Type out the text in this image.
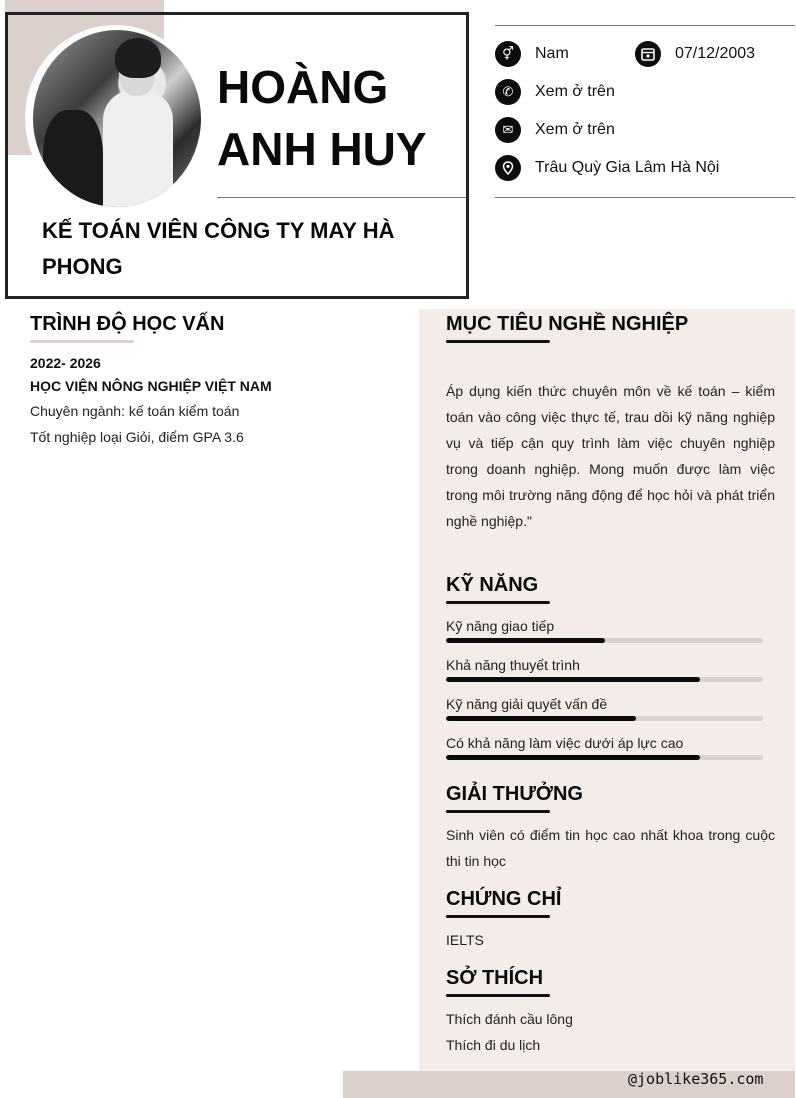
HOÀNG
ANH HUY
KẾ TOÁN VIÊN CÔNG TY MAY HÀ PHONG
⚥	Nam	07/12/2003
✆	Xem ở trên
✉	Xem ở trên
Trâu Quỳ Gia Lâm Hà Nội
TRÌNH ĐỘ HỌC VẤN
2022- 2026
HỌC VIỆN NÔNG NGHIỆP VIỆT NAM
Chuyên ngành: kế toán kiểm toán
Tốt nghiệp loại Giỏi, điểm GPA 3.6
MỤC TIÊU NGHỀ NGHIỆP
Áp dụng kiến thức chuyên môn về kế toán – kiểm toán vào công việc thực tế, trau dồi kỹ năng nghiệp vụ và tiếp cận quy trình làm việc chuyên nghiệp trong doanh nghiệp. Mong muốn được làm việc trong môi trường năng động để học hỏi và phát triển nghề nghiệp."
KỸ NĂNG
Kỹ năng giao tiếp
Khả năng thuyết trình
Kỹ năng giải quyết vấn đề
Có khả năng làm việc dưới áp lực cao
GIẢI THƯỞNG
Sinh viên có điểm tin học cao nhất khoa trong cuộc thi tin học
CHỨNG CHỈ
IELTS
SỞ THÍCH
Thích đánh cầu lông
Thích đi du lịch
@joblike365.com
